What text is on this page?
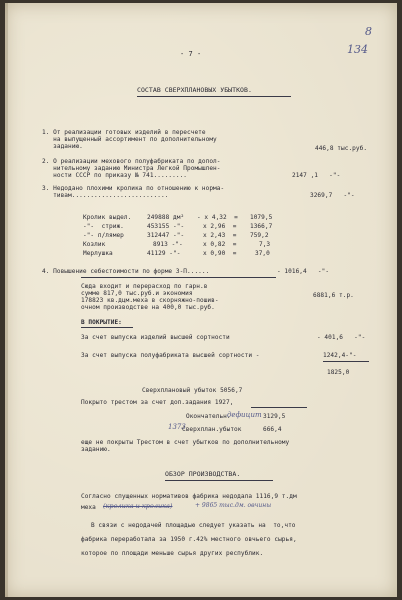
- 7 -	134
8
СОСТАВ СВЕРХПЛАНОВЫХ УБЫТКОВ.
1. От реализации готовых изделий в пересчете
на выпущенный ассортимент по дополнительному
заданию.	446,8 тыс.руб.
2. О реализации мехового полуфабриката по допол-
нительному заданию Министра Легкой Промышлен-
ности СССР по приказу № 741.........	2147 ,1   -"-
3. Недодано плохими кролика по отношению к норма-
тивам..........................	3269,7   -"-
Кролик выдел.	249888 дм² - x 4,32  = 1079,5
-"-  стриж.	453155 -"-	x 2,96  = 1366,7
-"- п/лямер	312447 -"-	x 2,43  = 759,2
Козлик	8913 -"-	x 0,82  =	7,3
Мерлушка	41129 -"-	x 0,90  =	37,0
4. Повышение себестоимости по форме 3-П......	- 1016,4   -"-
Сюда входит и перерасход по гарн.в
сумме 817,0 тыс.руб.и экономия
178823 кв.дцм.меха в скорняжно-пошив-
очном производстве на 400,0 тыс.руб.
6881,6 т.р.
В ПОКРЫТИЕ:
За счет выпуска изделий высшей сортности	- 401,6   -"-
За счет выпуска полуфабриката высшей сортности -	1242,4-"-
1825,0
Сверхплановый убыток 5056,7
Покрыто трестом за счет доп.задания 1927,
Окончательн.
дефицит 3129,5
1373
Сверхплан.убыток	666,4
еще не покрыты Трестом в счет убытков по дополнительному
заданию.
ОБЗОР ПРОИЗВОДСТВА.
Согласно спущенных нормативов фабрика недодала 1116,9 т.дм
меха (кролика и кролика)	+ 9865 тыс.дм. овчины
В связи с недодачей площадью следует указать на  то,что
фабрика переработала за 1950 г.42% местного овчьего сырья,
которое по площади меньше сырья других республик.
